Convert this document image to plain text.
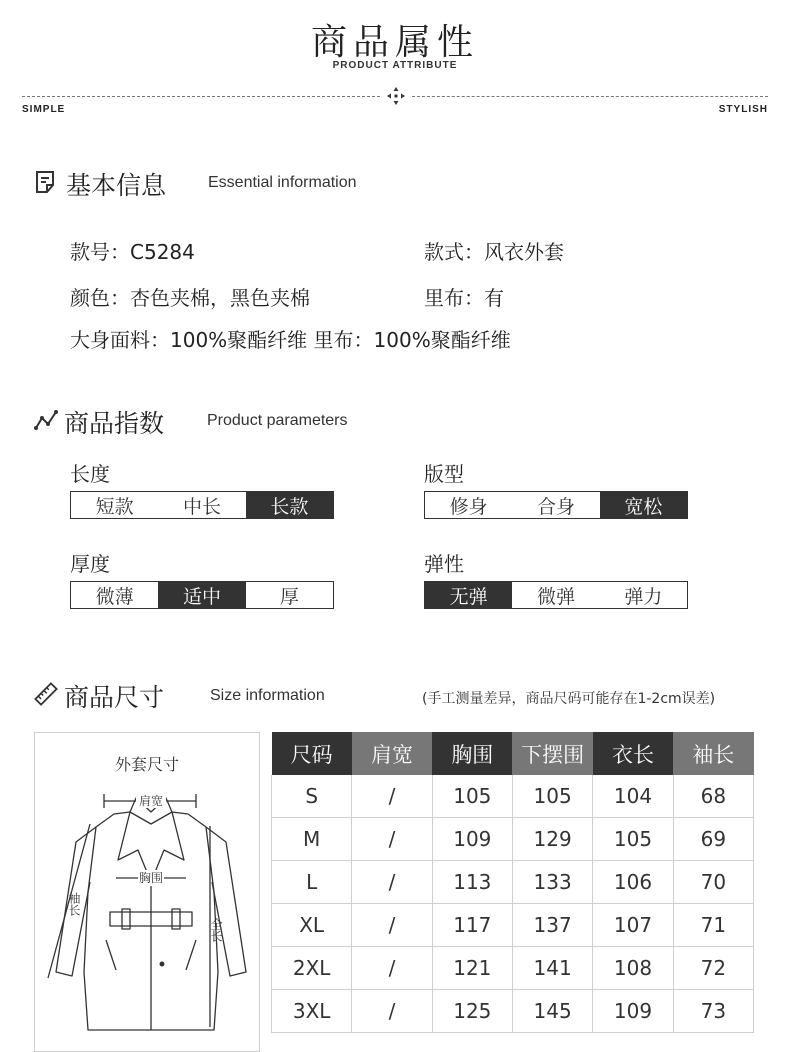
商品属性
PRODUCT ATTRIBUTE
SIMPLE	STYLISH
基本信息	Essential information
款号：C5284	款式：风衣外套
颜色：杏色夹棉，黑色夹棉	里布：有
大身面料：100%聚酯纤维 里布：100%聚酯纤维
商品指数	Product parameters
长度
短款	中长	长款
版型
修身	合身	宽松
厚度
微薄	适中	厚
弹性
无弹	微弹	弹力
商品尺寸	Size information	(手工测量差异，商品尺码可能存在1-2cm误差)
外套尺寸
肩宽
胸围
袖长
全长
尺码	肩宽	胸围	下摆围	衣长	袖长
S	/	105	105	104	68
M	/	109	129	105	69
L	/	113	133	106	70
XL	/	117	137	107	71
2XL	/	121	141	108	72
3XL	/	125	145	109	73
